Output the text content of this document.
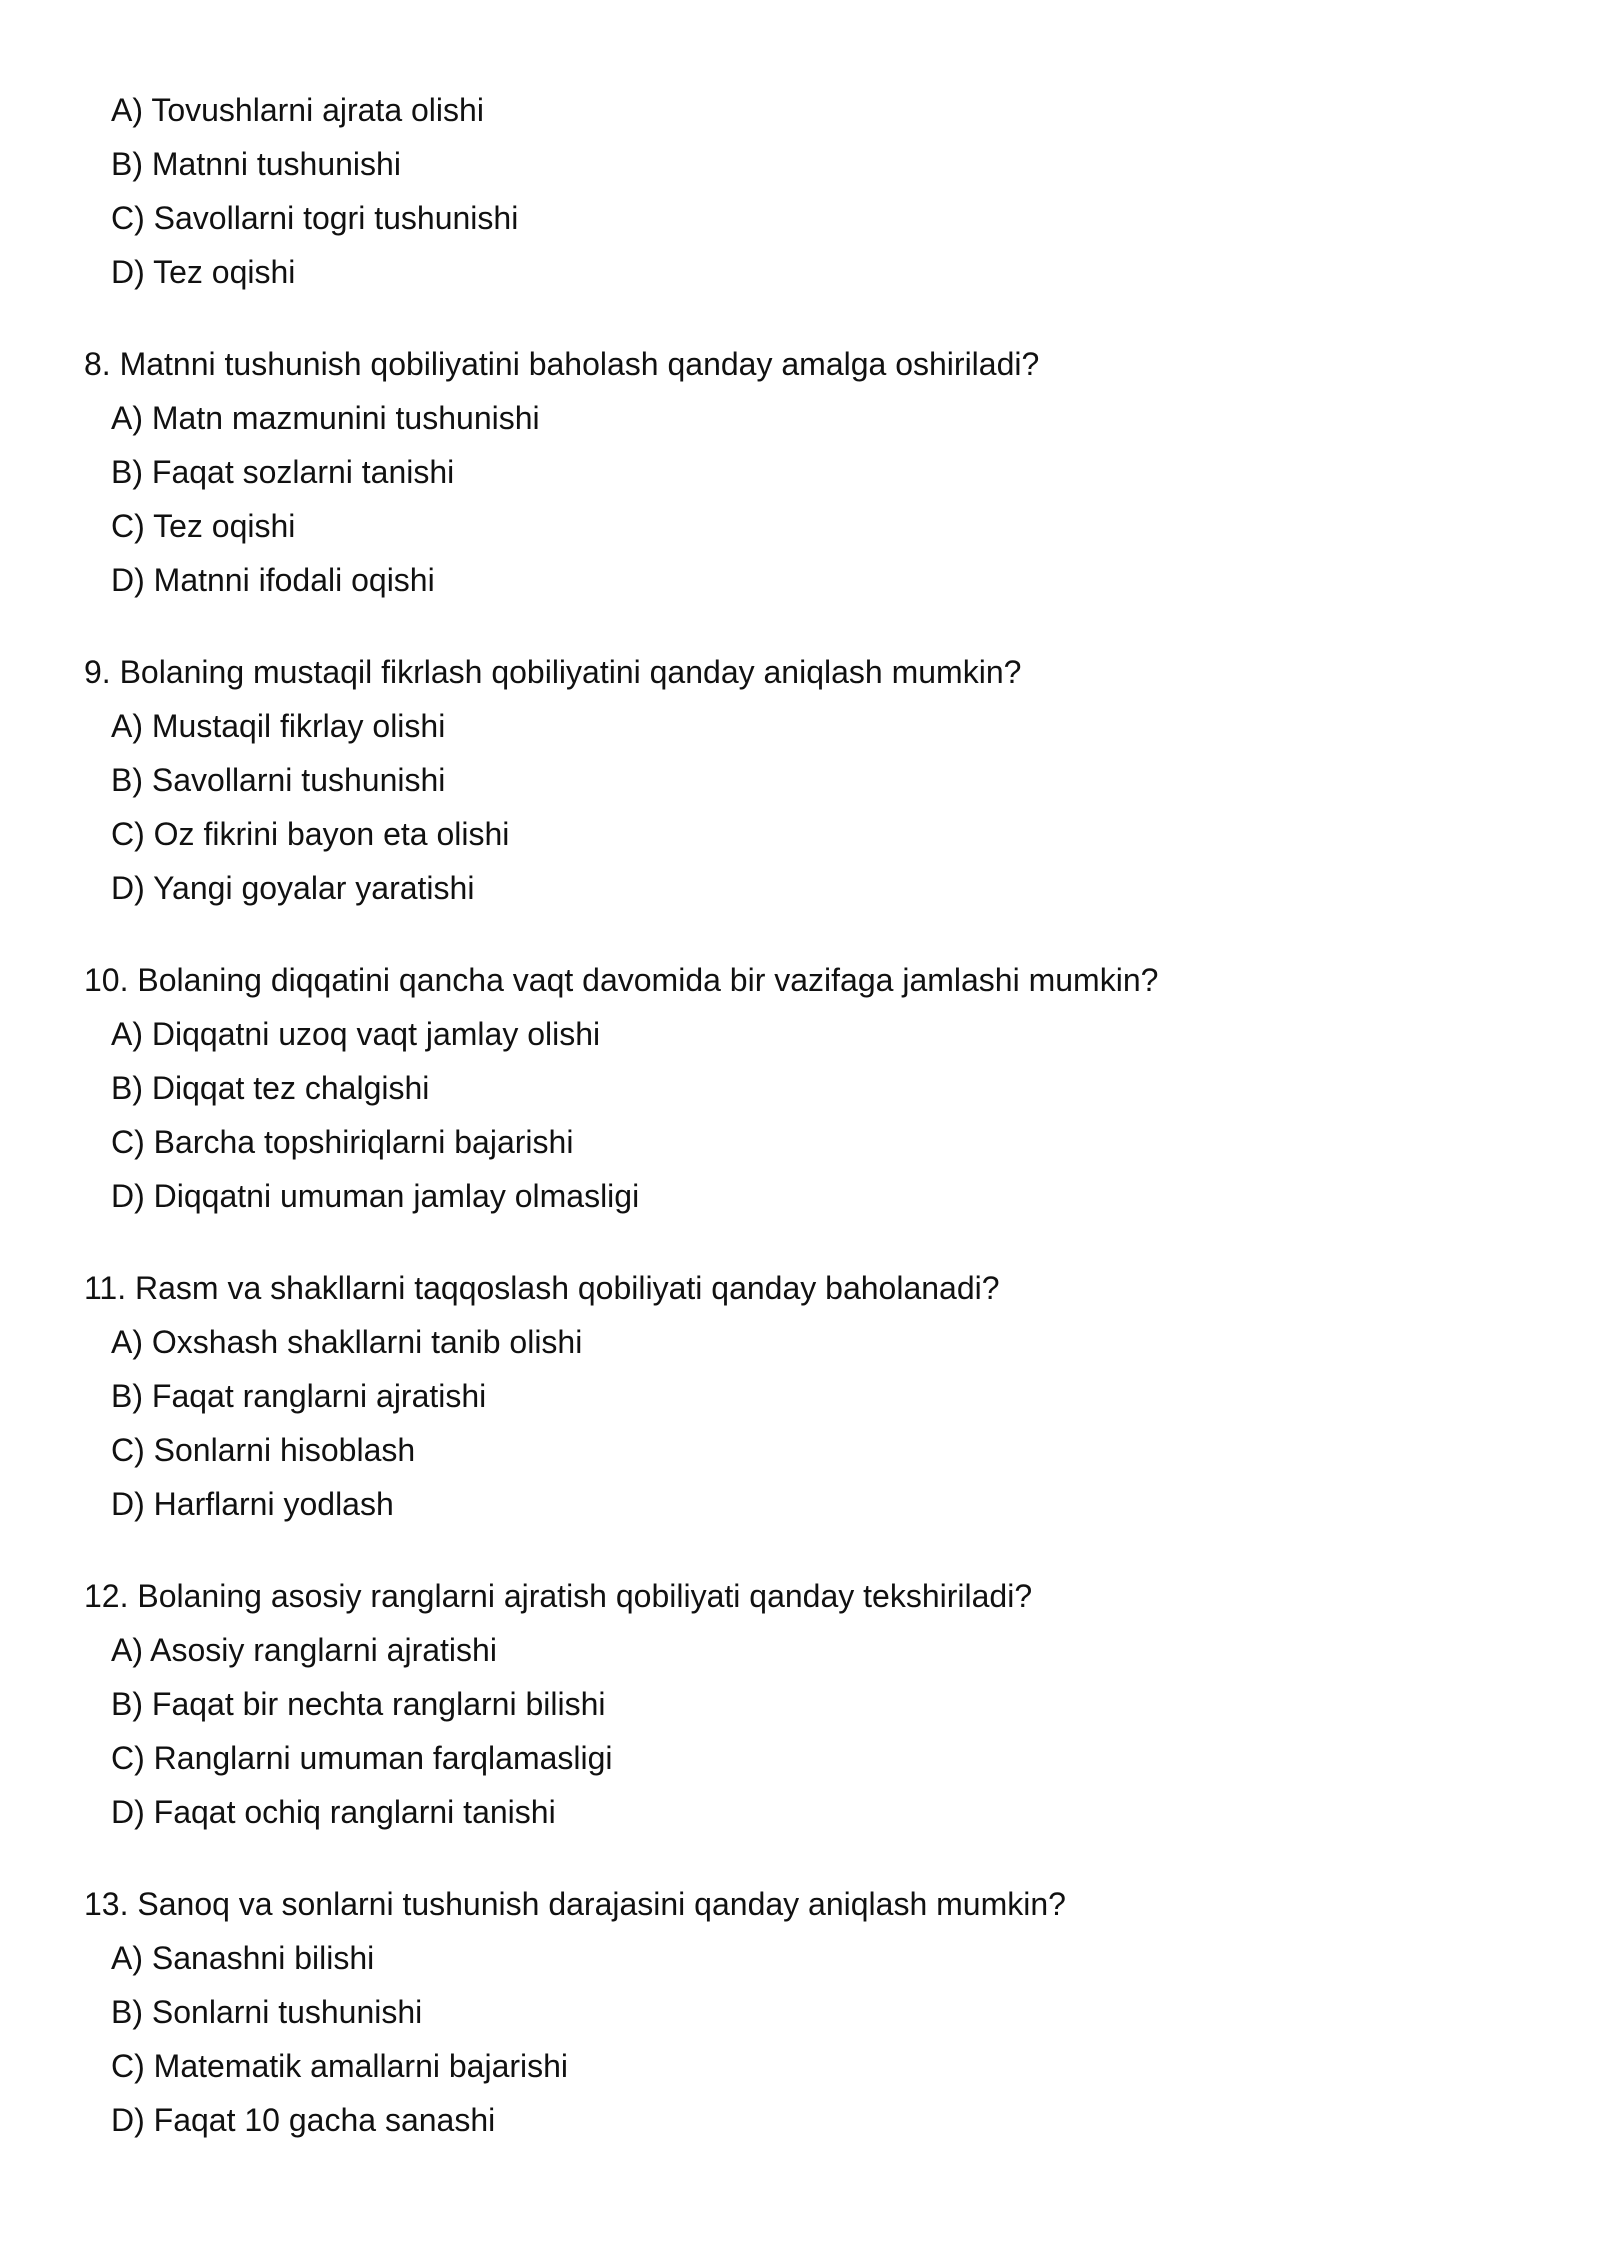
A) Tovushlarni ajrata olishi
B) Matnni tushunishi
C) Savollarni togri tushunishi
D) Tez oqishi
8. Matnni tushunish qobiliyatini baholash qanday amalga oshiriladi?
A) Matn mazmunini tushunishi
B) Faqat sozlarni tanishi
C) Tez oqishi
D) Matnni ifodali oqishi
9. Bolaning mustaqil fikrlash qobiliyatini qanday aniqlash mumkin?
A) Mustaqil fikrlay olishi
B) Savollarni tushunishi
C) Oz fikrini bayon eta olishi
D) Yangi goyalar yaratishi
10. Bolaning diqqatini qancha vaqt davomida bir vazifaga jamlashi mumkin?
A) Diqqatni uzoq vaqt jamlay olishi
B) Diqqat tez chalgishi
C) Barcha topshiriqlarni bajarishi
D) Diqqatni umuman jamlay olmasligi
11. Rasm va shakllarni taqqoslash qobiliyati qanday baholanadi?
A) Oxshash shakllarni tanib olishi
B) Faqat ranglarni ajratishi
C) Sonlarni hisoblash
D) Harflarni yodlash
12. Bolaning asosiy ranglarni ajratish qobiliyati qanday tekshiriladi?
A) Asosiy ranglarni ajratishi
B) Faqat bir nechta ranglarni bilishi
C) Ranglarni umuman farqlamasligi
D) Faqat ochiq ranglarni tanishi
13. Sanoq va sonlarni tushunish darajasini qanday aniqlash mumkin?
A) Sanashni bilishi
B) Sonlarni tushunishi
C) Matematik amallarni bajarishi
D) Faqat 10 gacha sanashi
